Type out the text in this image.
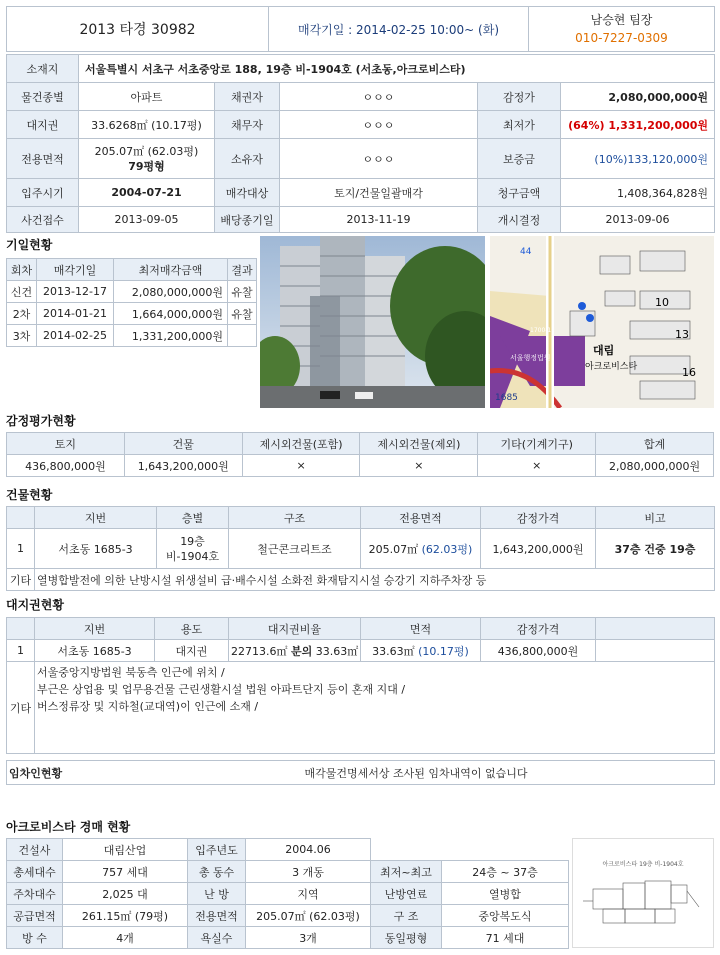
2013 타경 30982	매각기일 : 2014-02-25 10:00~ (화)	
남승현 팀장
010-7227-0309
소재지	서울특별시 서초구 서초중앙로 188, 19층 비-1904호 (서초동,아크로비스타)				
물건종별	아파트	채권자	ㅇㅇㅇ	감정가	2,080,000,000원
대지권	33.6268㎡ (10.17평)	채무자	ㅇㅇㅇ	최저가	(64%) 1,331,200,000원
전용면적	205.07㎡ (62.03평)
79평형	소유자	ㅇㅇㅇ	보증금	(10%)133,120,000원
입주시기	2004-07-21	매각대상	토지/건물일괄매각	청구금액	1,408,364,828원
사건접수	2013-09-05	배당종기일	2013-11-19	개시결정	2013-09-06
기일현황
회차	매각기일	최저매각금액	결과
신건	2013-12-17	2,080,000,000원	유찰
2차	2014-01-21	1,664,000,000원	유찰
3차	2014-02-25	1,331,200,000원	
대림
아크로비스타
서울행정법원
1700-1
1685
10
13
16
44
감정평가현황
토지	건물	제시외건물(포함)	제시외건물(제외)	기타(기계기구)	합계
436,800,000원	1,643,200,000원	×	×	×	2,080,000,000원
건물현황
	지번	층별	구조	전용면적	감정가격	비고
1	서초동 1685-3	19층비-1904호	철근콘크리트조	205.07㎡ (62.03평)	1,643,200,000원	37층 건중 19층
기타	열병합발전에 의한 난방시설 위생설비 급·배수시설 소화전 화재탐지시설 승강기 지하주차장 등					
대지권현황
	지번	용도	대지권비율	면적	감정가격	
1	서초동 1685-3	대지권	22713.6㎡ 분의 33.63㎡	33.63㎡ (10.17평)	436,800,000원	
기타	서울중앙지방법원 북동측 인근에 위치 /
부근은 상업용 및 업무용건물 근린생활시설 법원 아파트단지 등이 혼재 지대 /
버스정류장 및 지하철(교대역)이 인근에 소재 /					
임차인현황	매각물건명세서상 조사된 임차내역이 없습니다
아크로비스타 경매 현황
건설사	대림산업	입주년도	2004.06		
총세대수	757 세대	총 동수	3 개동	최저~최고	24층 ~ 37층
주차대수	2,025 대	난 방	지역	난방연료	열병합
공급면적	261.15㎡ (79평)	전용면적	205.07㎡ (62.03평)	구 조	중앙복도식
방 수	4개	욕실수	3개	동일평형	71 세대
아크로비스타 19층 비-1904호
